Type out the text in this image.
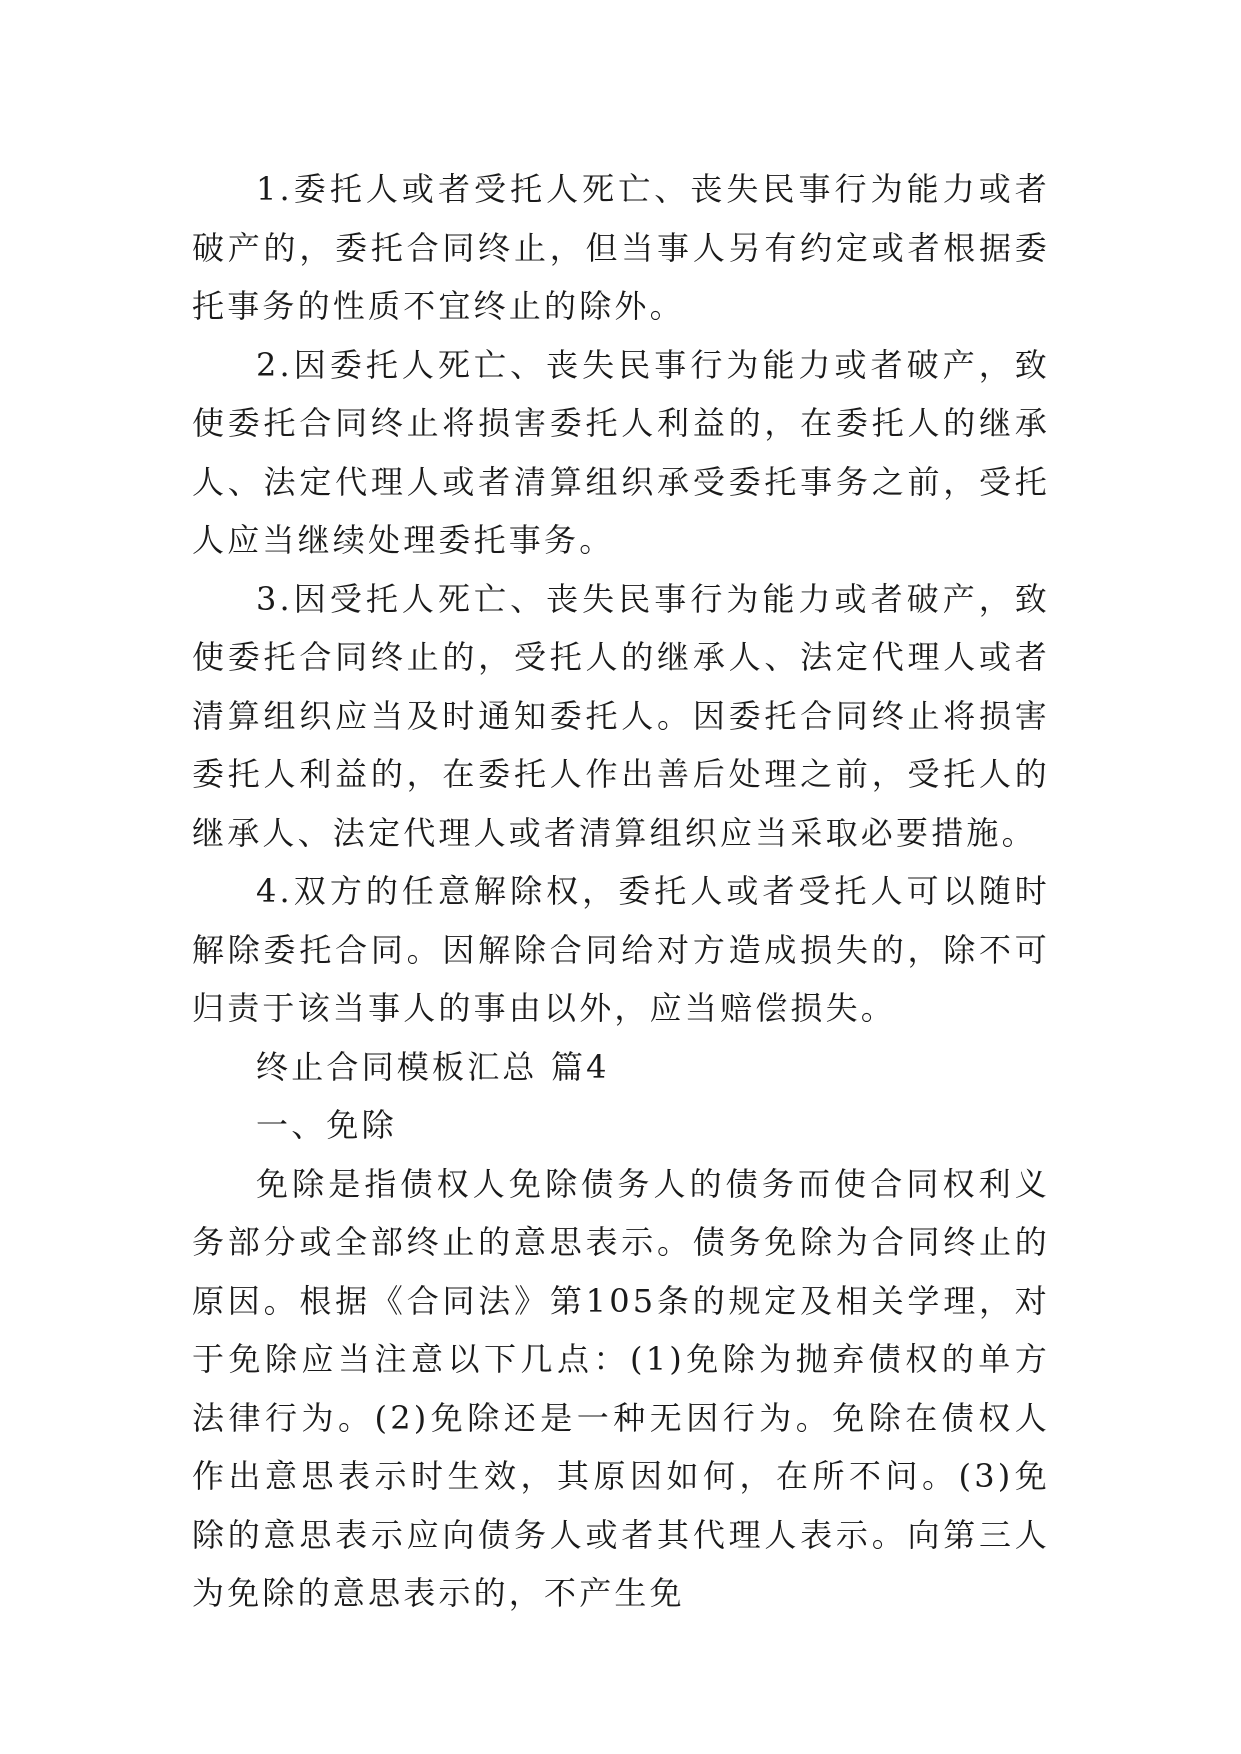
1.委托人或者受托人死亡、丧失民事行为能力或者破产的，委托合同终止，但当事人另有约定或者根据委托事务的性质不宜终止的除外。

2.因委托人死亡、丧失民事行为能力或者破产，致使委托合同终止将损害委托人利益的，在委托人的继承人、法定代理人或者清算组织承受委托事务之前，受托人应当继续处理委托事务。

3.因受托人死亡、丧失民事行为能力或者破产，致使委托合同终止的，受托人的继承人、法定代理人或者清算组织应当及时通知委托人。因委托合同终止将损害委托人利益的，在委托人作出善后处理之前，受托人的继承人、法定代理人或者清算组织应当采取必要措施。

4.双方的任意解除权，委托人或者受托人可以随时解除委托合同。因解除合同给对方造成损失的，除不可归责于该当事人的事由以外，应当赔偿损失。

终止合同模板汇总 篇4

一、免除

免除是指债权人免除债务人的债务而使合同权利义务部分或全部终止的意思表示。债务免除为合同终止的原因。根据《合同法》第105条的规定及相关学理，对于免除应当注意以下几点：(1)免除为抛弃债权的单方法律行为。(2)免除还是一种无因行为。免除在债权人作出意思表示时生效，其原因如何，在所不问。(3)免除的意思表示应向债务人或者其代理人表示。向第三人为免除的意思表示的，不产生免
